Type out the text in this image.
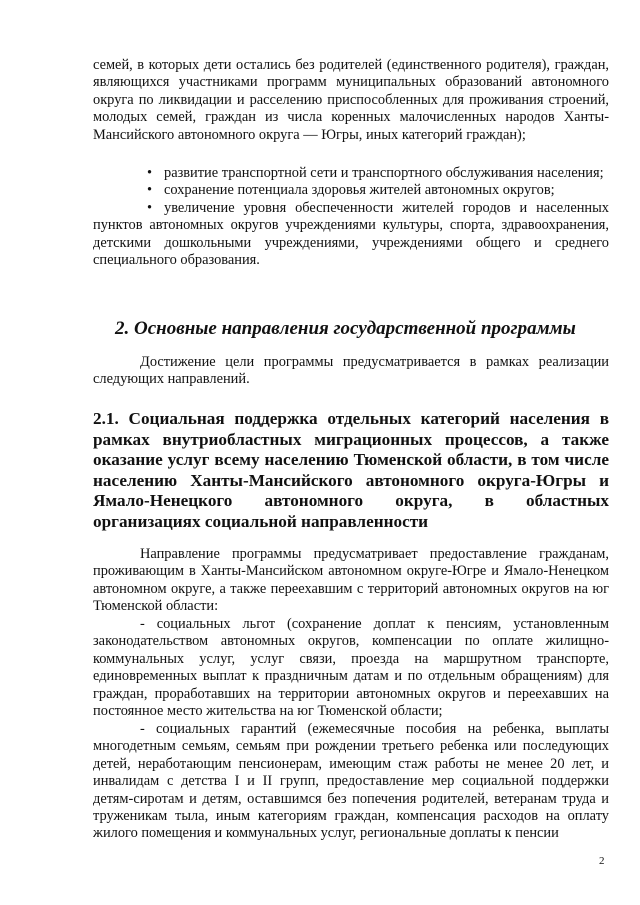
семей, в которых дети остались без родителей (единственного родителя), граждан, являющихся участниками программ муниципальных образований автономного округа по ликвидации и расселению приспособленных для проживания строений, молодых семей, граждан из числа коренных малочисленных народов Ханты-Мансийского автономного округа — Югры, иных категорий граждан);

• развитие транспортной сети и транспортного обслуживания населения;
• сохранение потенциала здоровья жителей автономных округов;
• увеличение уровня обеспеченности жителей городов и населенных пунктов автономных округов учреждениями культуры, спорта, здравоохранения, детскими дошкольными учреждениями, учреждениями общего и среднего специального образования.
2. Основные направления государственной программы

Достижение цели программы предусматривается в рамках реализации следующих направлений.

2.1. Социальная поддержка отдельных категорий населения в рамках внутриобластных миграционных процессов, а также оказание услуг всему населению Тюменской области, в том числе населению Ханты-Мансийского автономного округа-Югры и Ямало-Ненецкого автономного округа, в областных организациях социальной направленности

Направление программы предусматривает предоставление гражданам, проживающим в Ханты-Мансийском автономном округе-Югре и Ямало-Ненецком автономном округе, а также переехавшим с территорий автономных округов на юг Тюменской области:

- социальных льгот (сохранение доплат к пенсиям, установленным законодательством автономных округов, компенсации по оплате жилищно-коммунальных услуг, услуг связи, проезда на маршрутном транспорте, единовременных выплат к праздничным датам и по отдельным обращениям) для граждан, проработавших на территории автономных округов и переехавших на постоянное место жительства на юг Тюменской области;

- социальных гарантий (ежемесячные пособия на ребенка, выплаты многодетным семьям, семьям при рождении третьего ребенка или последующих детей, неработающим пенсионерам, имеющим стаж работы не менее 20 лет, и инвалидам с детства I и II групп, предоставление мер социальной поддержки детям-сиротам и детям, оставшимся без попечения родителей, ветеранам труда и труженикам тыла, иным категориям граждан, компенсация расходов на оплату жилого помещения и коммунальных услуг, региональные доплаты к пенсии

2
